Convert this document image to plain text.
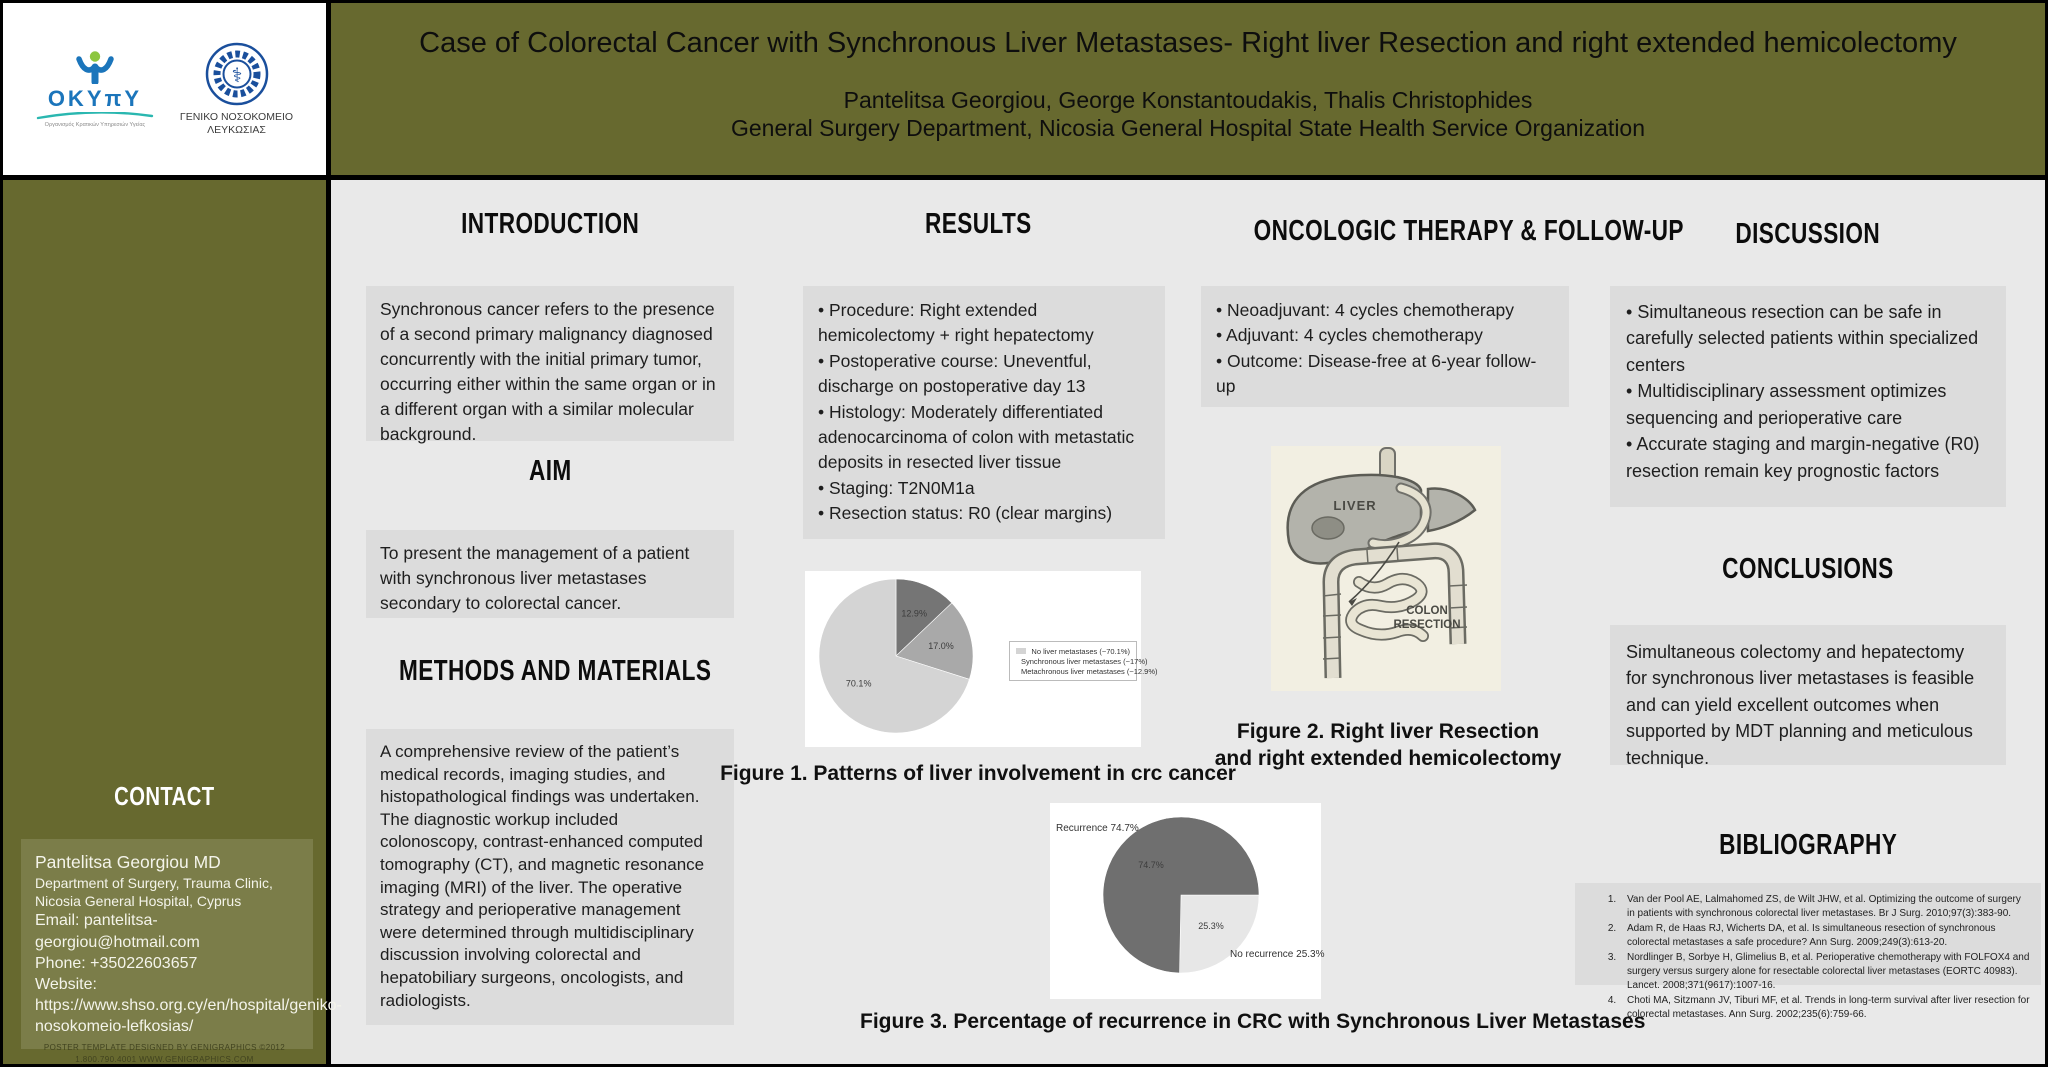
ΟΚΥπΥ
Οργανισμός Κρατικών Υπηρεσιών Υγείας
⚕
ΓΕΝΙΚΟ ΝΟΣΟΚΟΜΕΙΟ
ΛΕΥΚΩΣΙΑΣ
Case of Colorectal Cancer with Synchronous Liver Metastases- Right liver Resection and right extended hemicolectomy
Pantelitsa Georgiou, George Konstantoudakis, Thalis Christophides
General Surgery Department, Nicosia General Hospital State Health Service Organization
CONTACT
Pantelitsa Georgiou MD
Department of Surgery, Trauma Clinic, Nicosia General Hospital, Cyprus
Email: pantelitsa-georgiou@hotmail.com
Phone: +35022603657
Website: https://www.shso.org.cy/en/hospital/geniko-nosokomeio-lefkosias/
POSTER TEMPLATE DESIGNED BY GENIGRAPHICS ©2012
1.800.790.4001 WWW.GENIGRAPHICS.COM
INTRODUCTION
Synchronous cancer refers to the presence of a second primary malignancy diagnosed concurrently with the initial primary tumor, occurring either within the same organ or in a different organ with a similar molecular background.
AIM
To present the management of a patient with synchronous liver metastases secondary to colorectal cancer.
METHODS AND MATERIALS
A comprehensive review of the patient’s medical records, imaging studies, and histopathological findings was undertaken. The diagnostic workup included colonoscopy, contrast-enhanced computed tomography (CT), and magnetic resonance imaging (MRI) of the liver. The operative strategy and perioperative management were determined through multidisciplinary discussion involving colorectal and hepatobiliary surgeons, oncologists, and radiologists.
RESULTS
• Procedure: Right extended hemicolectomy + right hepatectomy
• Postoperative course: Uneventful, discharge on postoperative day 13
• Histology: Moderately differentiated adenocarcinoma of colon with metastatic deposits in resected liver tissue
• Staging: T2N0M1a
• Resection status: R0 (clear margins)
12.9%
17.0%
70.1%
No liver metastases (~70.1%)
Synchronous liver metastases (~17%)
Metachronous liver metastases (~12.9%)
Figure 1. Patterns of liver involvement in crc cancer
25.3%
74.7%
Recurrence 74.7%
No recurrence 25.3%
Figure 3. Percentage of recurrence in CRC with Synchronous Liver Metastases
ONCOLOGIC THERAPY & FOLLOW-UP
• Neoadjuvant: 4 cycles chemotherapy
• Adjuvant: 4 cycles chemotherapy
• Outcome: Disease-free at 6-year follow-up
LIVER
COLON
RESECTION
Figure 2. Right liver Resection
and right extended hemicolectomy
DISCUSSION
• Simultaneous resection can be safe in carefully selected patients within specialized centers
• Multidisciplinary assessment optimizes sequencing and perioperative care
• Accurate staging and margin-negative (R0) resection remain key prognostic factors
CONCLUSIONS
Simultaneous colectomy and hepatectomy for synchronous liver metastases is feasible and can yield excellent outcomes when supported by MDT planning and meticulous technique.
BIBLIOGRAPHY
1. Van der Pool AE, Lalmahomed ZS, de Wilt JHW, et al. Optimizing the outcome of surgery in patients with synchronous colorectal liver metastases. Br J Surg. 2010;97(3):383-90.
2. Adam R, de Haas RJ, Wicherts DA, et al. Is simultaneous resection of synchronous colorectal metastases a safe procedure? Ann Surg. 2009;249(3):613-20.
3. Nordlinger B, Sorbye H, Glimelius B, et al. Perioperative chemotherapy with FOLFOX4 and surgery versus surgery alone for resectable colorectal liver metastases (EORTC 40983). Lancet. 2008;371(9617):1007-16.
4. Choti MA, Sitzmann JV, Tiburi MF, et al. Trends in long-term survival after liver resection for colorectal metastases. Ann Surg. 2002;235(6):759-66.
